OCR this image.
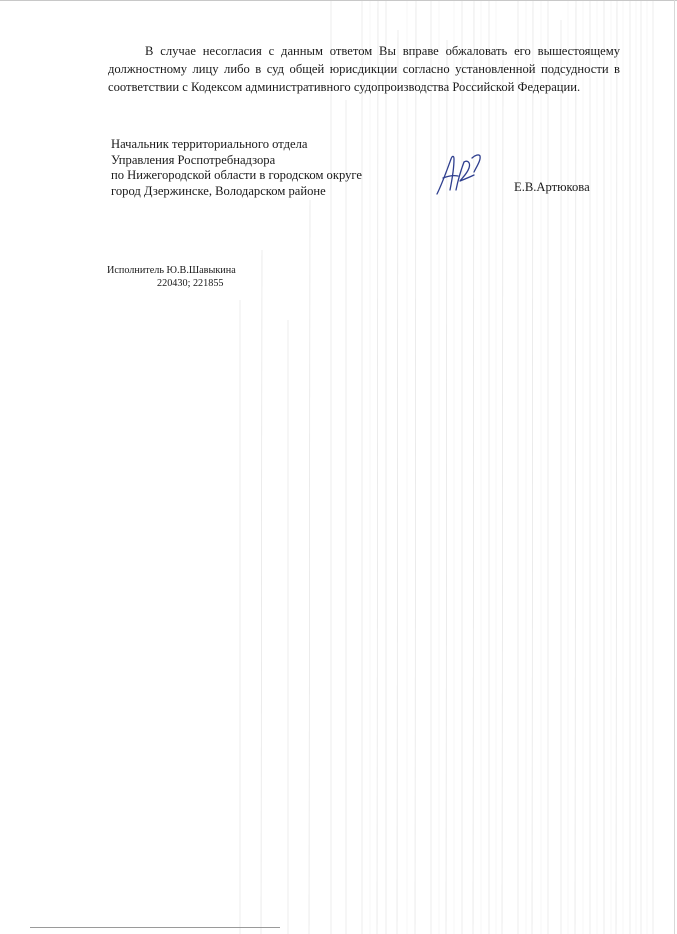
В случае несогласия с данным ответом Вы вправе обжаловать его вышестоящему должностному лицу либо в суд общей юрисдикции согласно установленной подсудности в соответствии с Кодексом административного судопроизводства Российской Федерации.

Начальник территориального отдела
Управления Роспотребнадзора
по Нижегородской области в городском округе
город Дзержинске, Володарском районе	Е.В.Артюкова
Исполнитель Ю.В.Шавыкина
220430; 221855
